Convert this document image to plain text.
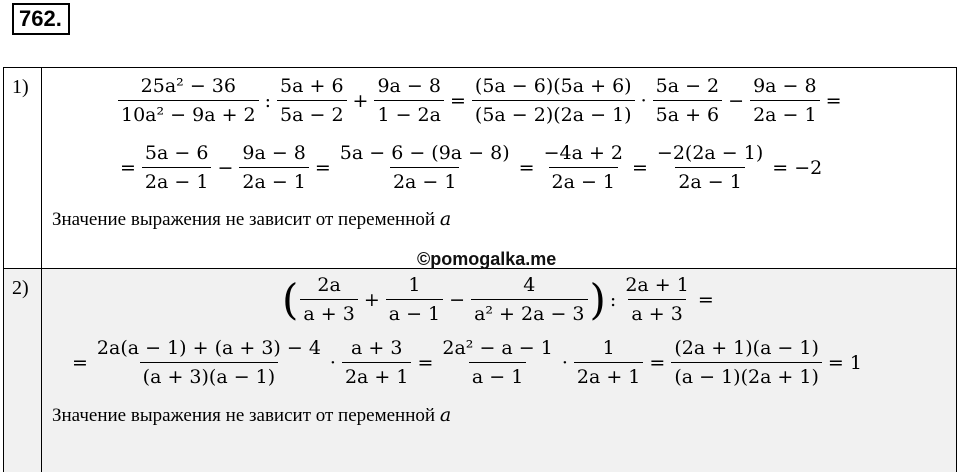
762.
1)	$\frac{\text{25a² − 36}}{\text{10a² − 9a + 2}}$ : $\frac{5a + 6}{5a - 2} + \frac{9a - 8}{1 - 2a} = \frac{(5a - 6)(5a + 6)}{(5a - 2)(2a - 1)} \cdot \frac{5a - 2}{5a + 6} - \frac{9a - 8}{2a - 1}$ =
= $\frac{5a - 6}{2a - 1} - \frac{9a - 8}{2a - 1} = \frac{5a - 6 - (9a - 8)}{2a - 1} = \frac{-4a + 2}{2a - 1} = \frac{-2(2a - 1)}{2a - 1} = -2$
Значение выражения не зависит от переменной a
2)	( $\frac{2a}{a + 3} + \frac{1}{a - 1} - \frac{4}{\text{a² + 2a − 3}}$ ) : $\frac{2a + 1}{a + 3}$ =
= $\frac{2a(a - 1) + (a + 3) - 4}{(a + 3)(a - 1)} \cdot \frac{a + 3}{2a + 1} = \frac{\text{2a² − a − 1}}{a - 1} \cdot \frac{1}{2a + 1} = \frac{(2a + 1)(a - 1)}{(a - 1)(2a + 1)} = 1$
Значение выражения не зависит от переменной a
©pomogalka.me
